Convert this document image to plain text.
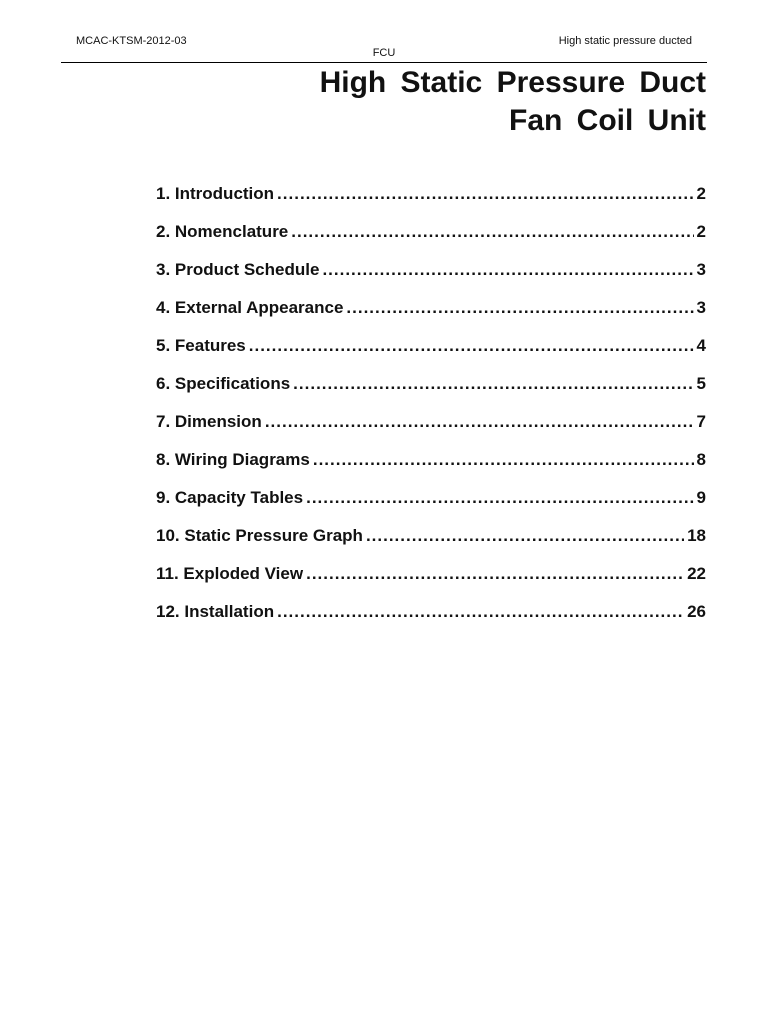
MCAC-KTSM-2012-03	High static pressure ducted
FCU
High Static Pressure Duct
Fan Coil Unit
1. Introduction .....	2
2. Nomenclature .....	2
3. Product Schedule .....	3
4. External Appearance .....	3
5. Features .....	4
6. Specifications .....	5
7. Dimension .....	7
8. Wiring Diagrams .....	8
9. Capacity Tables .....	9
10. Static Pressure Graph .....	18
11. Exploded View .....	22
12. Installation .....	26
